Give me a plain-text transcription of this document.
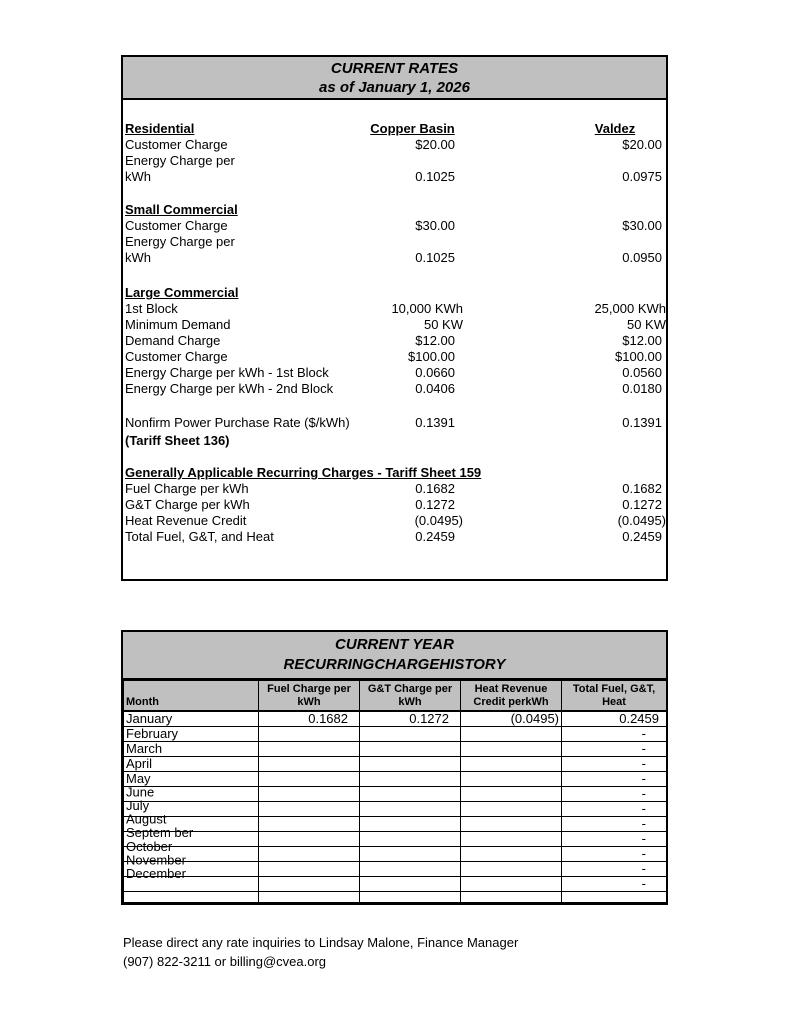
CURRENT RATES
as of January 1, 2026
Residential	Copper Basin	Valdez
Customer Charge	$20.00	$20.00
Energy Charge per
kWh	0.1025	0.0975
Small Commercial
Customer Charge	$30.00	$30.00
Energy Charge per
kWh	0.1025	0.0950
Large Commercial
1st Block	10,000 KWh	25,000 KWh
Minimum Demand	50 KW	50 KW
Demand Charge	$12.00	$12.00
Customer Charge	$100.00	$100.00
Energy Charge per kWh - 1st Block	0.0660	0.0560
Energy Charge per kWh - 2nd Block	0.0406	0.0180
Nonfirm Power Purchase Rate ($/kWh)	0.1391	0.1391
(Tariff Sheet 136)
Generally Applicable Recurring Charges - Tariff Sheet 159
Fuel Charge per kWh	0.1682	0.1682
G&T Charge per kWh	0.1272	0.1272
Heat Revenue Credit	(0.0495)	(0.0495)
Total Fuel, G&T, and Heat	0.2459	0.2459
CURRENT YEAR
RECURRINGCHARGEHISTORY
Month	Fuel Charge per kWh	G&T Charge per kWh	Heat Revenue Credit perkWh	Total Fuel, G&T, Heat
January	0.1682	0.1272	(0.0495)	0.2459
February				-
March				-
April				-
May				-
June				-
July				-
August				-
Septem ber				-
October				-
November				-
December				-

Please direct any rate inquiries to Lindsay Malone, Finance Manager
(907) 822-3211 or billing@cvea.org
